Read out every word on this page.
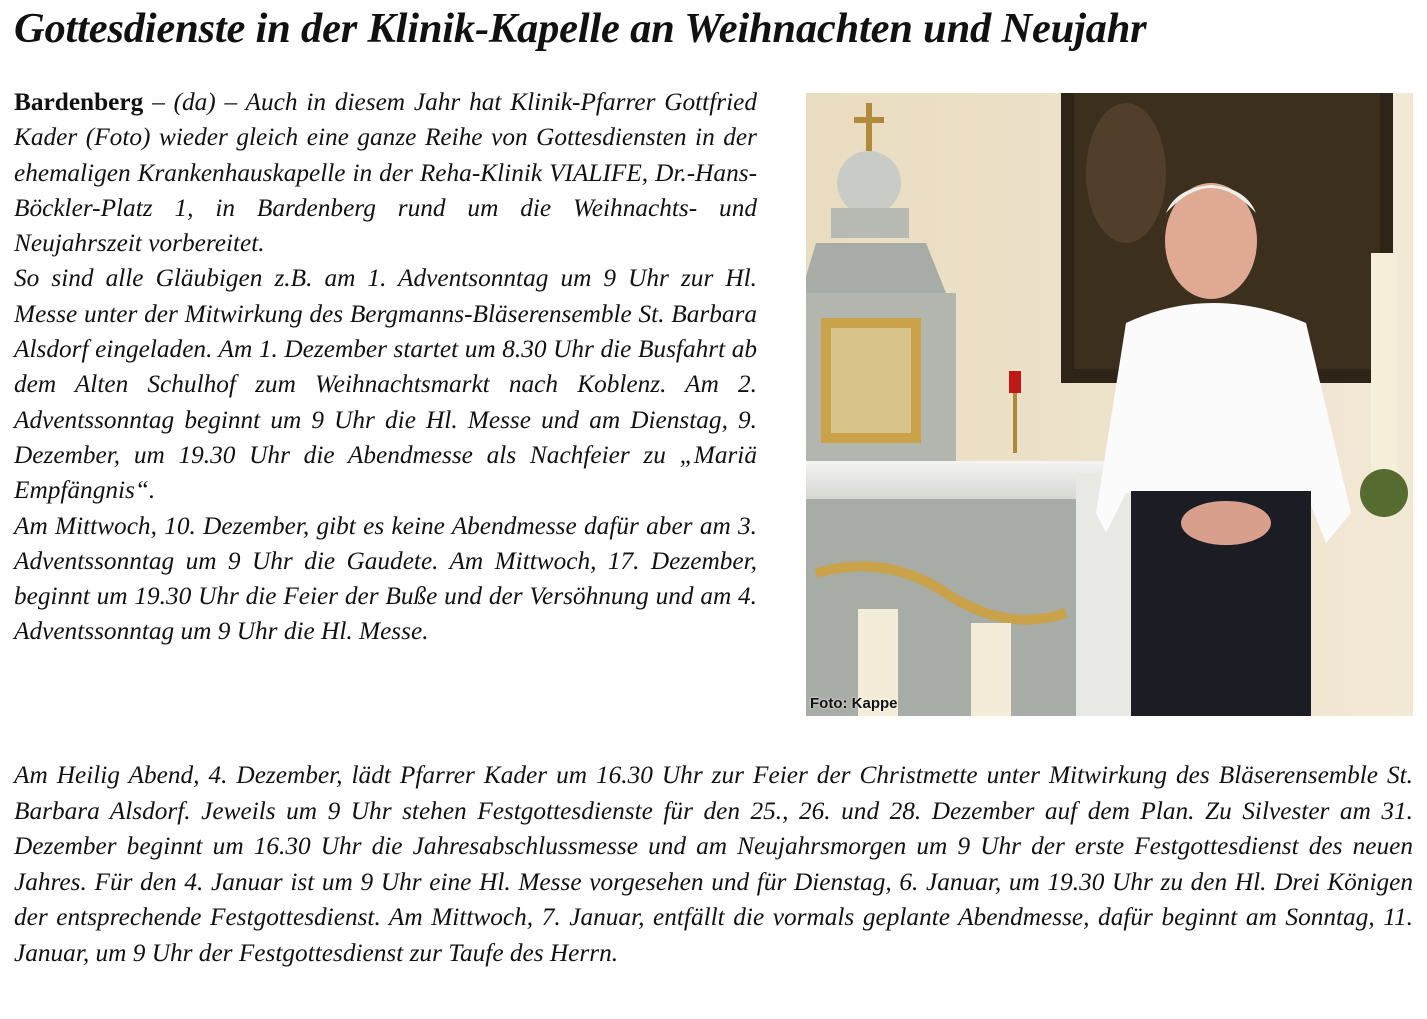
Gottesdienste in der Klinik-Kapelle an Weihnachten und Neujahr

Bardenberg – (da) – Auch in diesem Jahr hat Klinik-Pfarrer Gottfried Kader (Foto) wieder gleich eine ganze Reihe von Gottesdiensten in der ehemaligen Krankenhauskapelle in der Reha-Klinik VIALIFE, Dr.-Hans-Böckler-Platz 1, in Bardenberg rund um die Weihnachts- und Neujahrszeit vorbereitet.

So sind alle Gläubigen z.B. am 1. Adventsonntag um 9 Uhr zur Hl. Messe unter der Mitwirkung des Bergmanns-Bläserensemble St. Barbara Alsdorf eingeladen. Am 1. Dezember startet um 8.30 Uhr die Busfahrt ab dem Alten Schulhof zum Weihnachtsmarkt nach Koblenz. Am 2. Adventssonntag beginnt um 9 Uhr die Hl. Messe und am Dienstag, 9. Dezember, um 19.30 Uhr die Abendmesse als Nachfeier zu „Mariä Empfängnis“.

Am Mittwoch, 10. Dezember, gibt es keine Abendmesse dafür aber am 3. Adventssonntag um 9 Uhr die Gaudete. Am Mittwoch, 17. Dezember, beginnt um 19.30 Uhr die Feier der Buße und der Versöhnung und am 4. Adventssonntag um 9 Uhr die Hl. Messe.

Foto: Kappe

Am Heilig Abend, 4. Dezember, lädt Pfarrer Kader um 16.30 Uhr zur Feier der Christmette unter Mitwirkung des Bläserensemble St. Barbara Alsdorf. Jeweils um 9 Uhr stehen Festgottesdienste für den 25., 26. und 28. Dezember auf dem Plan. Zu Silvester am 31. Dezember beginnt um 16.30 Uhr die Jahresabschlussmesse und am Neujahrsmorgen um 9 Uhr der erste Festgottesdienst des neuen Jahres. Für den 4. Januar ist um 9 Uhr eine Hl. Messe vorgesehen und für Dienstag, 6. Januar, um 19.30 Uhr zu den Hl. Drei Königen der entsprechende Festgottesdienst. Am Mittwoch, 7. Januar, entfällt die vormals geplante Abendmesse, dafür beginnt am Sonntag, 11. Januar, um 9 Uhr der Festgottesdienst zur Taufe des Herrn.
